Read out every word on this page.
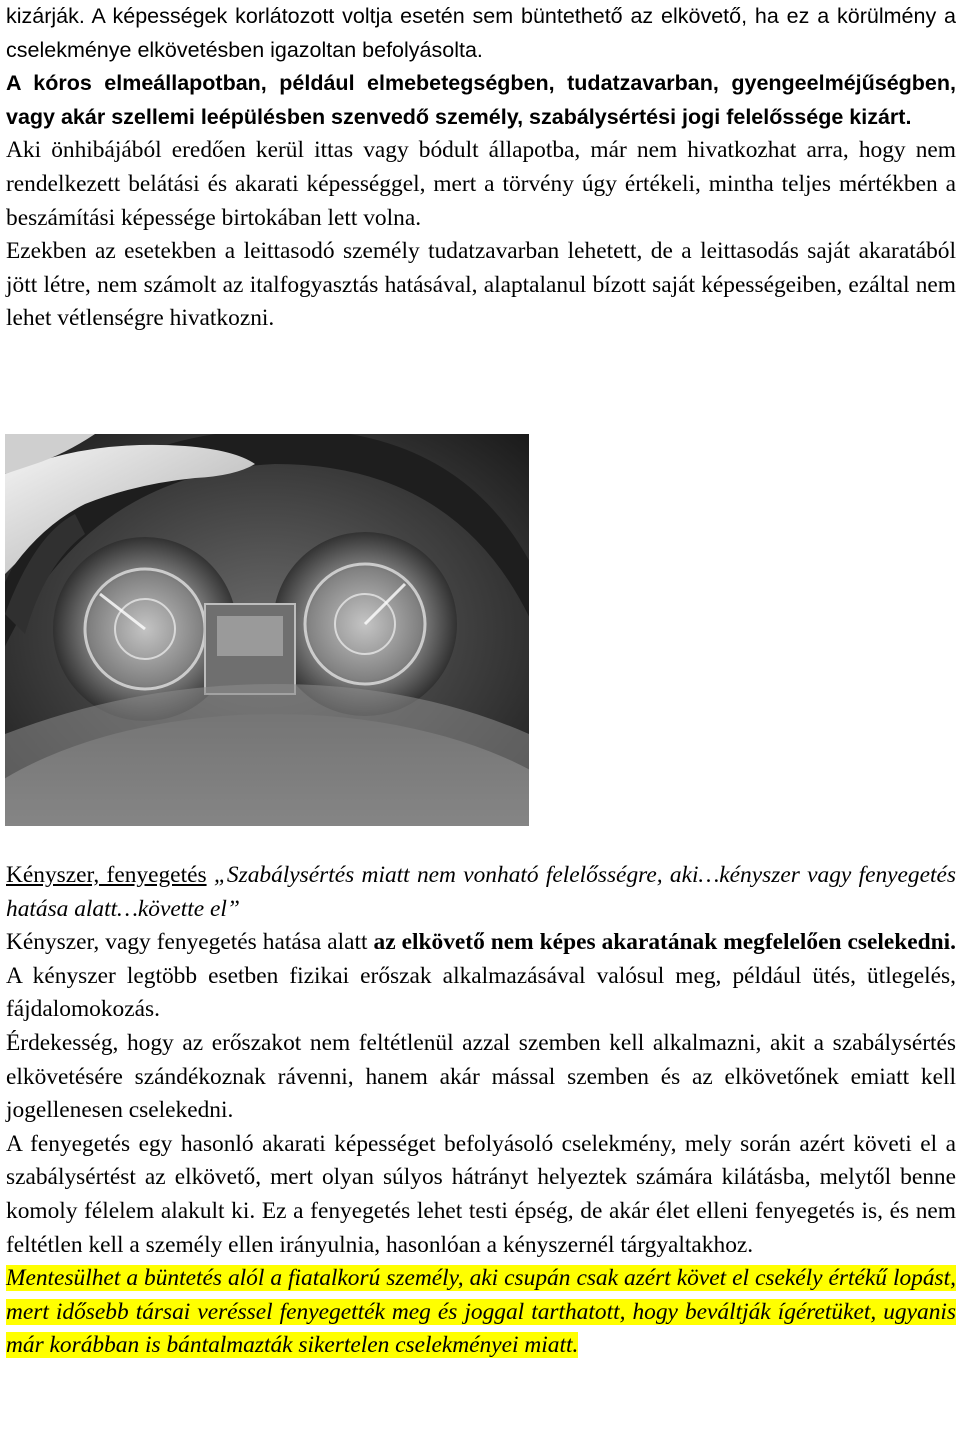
kizárják. A képességek korlátozott voltja esetén sem büntethető az elkövető, ha ez a körülmény a cselekménye elkövetésben igazoltan befolyásolta.

A kóros elmeállapotban, például elmebetegségben, tudatzavarban, gyengeelméjűségben, vagy akár szellemi leépülésben szenvedő személy, szabálysértési jogi felelőssége kizárt.

Aki önhibájából eredően kerül ittas vagy bódult állapotba, már nem hivatkozhat arra, hogy nem rendelkezett belátási és akarati képességgel, mert a törvény úgy értékeli, mintha teljes mértékben a beszámítási képessége birtokában lett volna.

Ezekben az esetekben a leittasodó személy tudatzavarban lehetett, de a leittasodás saját akaratából jött létre, nem számolt az italfogyasztás hatásával, alaptalanul bízott saját képességeiben, ezáltal nem lehet vétlenségre hivatkozni.

Kényszer, fenyegetés „Szabálysértés miatt nem vonható felelősségre, aki…kényszer vagy fenyegetés hatása alatt…követte el”

Kényszer, vagy fenyegetés hatása alatt az elkövető nem képes akaratának megfelelően cselekedni. A kényszer legtöbb esetben fizikai erőszak alkalmazásával valósul meg, például ütés, ütlegelés, fájdalomokozás.

Érdekesség, hogy az erőszakot nem feltétlenül azzal szemben kell alkalmazni, akit a szabálysértés elkövetésére szándékoznak rávenni, hanem akár mással szemben és az elkövetőnek emiatt kell jogellenesen cselekedni.

A fenyegetés egy hasonló akarati képességet befolyásoló cselekmény, mely során azért követi el a szabálysértést az elkövető, mert olyan súlyos hátrányt helyeztek számára kilátásba, melytől benne komoly félelem alakult ki. Ez a fenyegetés lehet testi épség, de akár élet elleni fenyegetés is, és nem feltétlen kell a személy ellen irányulnia, hasonlóan a kényszernél tárgyaltakhoz.

Mentesülhet a büntetés alól a fiatalkorú személy, aki csupán csak azért követ el csekély értékű lopást, mert idősebb társai veréssel fenyegették meg és joggal tarthatott, hogy beváltják ígéretüket, ugyanis már korábban is bántalmazták sikertelen cselekményei miatt.
